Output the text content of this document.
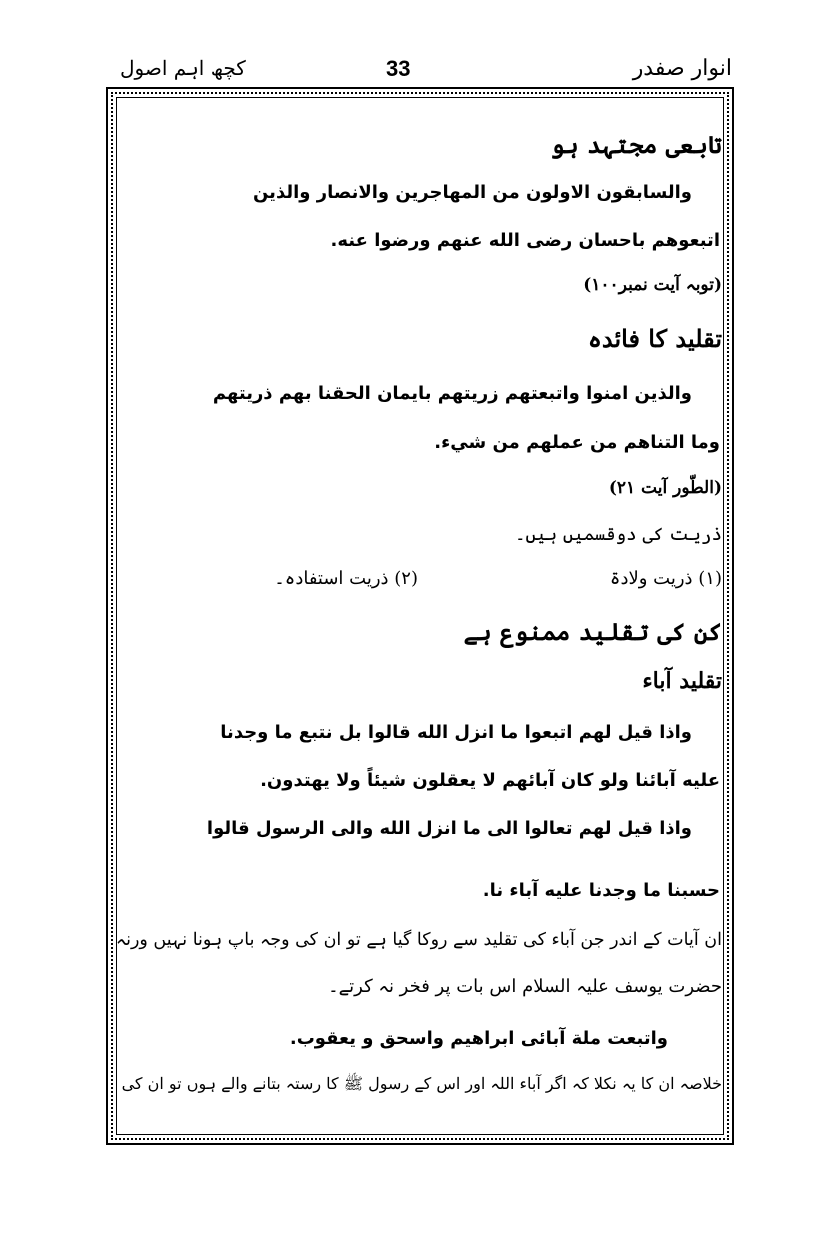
انوار صفدر
33
کچھ اہم اصول
تابعی مجتہد ہو
والسابقون الاولون من المهاجرين والانصار والذين
اتبعوهم باحسان رضی الله عنهم ورضوا عنه.
(توبہ آیت نمبر۱۰۰)
تقلید کا فائدہ
والذين امنوا واتبعتهم زريتهم بايمان الحقنا بهم ذريتهم
وما التناهم من عملهم من شيء.
(الطّور آیت ۲۱)
ذریت کی دوقسمیں ہیں۔
(۱) ذریت ولادۃ
(۲) ذریت استفادہ۔
کن کی تقلید ممنوع ہے
تقلید آباء
واذا قيل لهم اتبعوا ما انزل الله قالوا بل نتبع ما وجدنا
عليه آبائنا ولو كان آبائهم لا يعقلون شيئاً ولا يهتدون.
واذا قيل لهم تعالوا الى ما انزل الله والى الرسول قالوا
حسبنا ما وجدنا عليه آباء نا.
ان آیات کے اندر جن آباء کی تقلید سے روکا گیا ہے تو ان کی وجہ باپ ہونا نہیں ورنہ
حضرت یوسف علیہ السلام اس بات پر فخر نہ کرتے۔
واتبعت ملة آبائی ابراهيم واسحق و يعقوب.
خلاصہ ان کا یہ نکلا کہ اگر آباء اللہ اور اس کے رسول ﷺ کا رستہ بتانے والے ہوں تو ان کی
